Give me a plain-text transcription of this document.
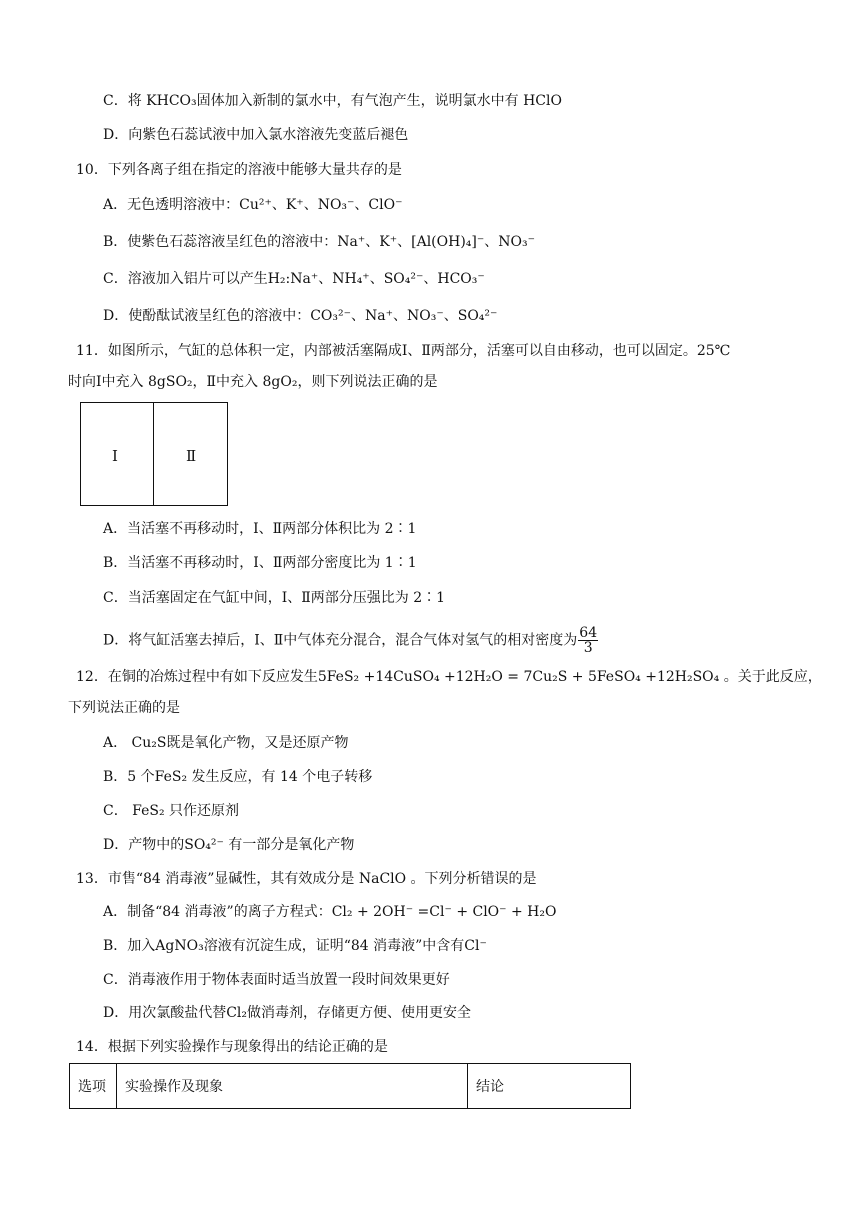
C．将 KHCO₃固体加入新制的氯水中，有气泡产生，说明氯水中有 HClO
D．向紫色石蕊试液中加入氯水溶液先变蓝后褪色
10．下列各离子组在指定的溶液中能够大量共存的是
A．无色透明溶液中：Cu²⁺、K⁺、NO₃⁻、ClO⁻
B．使紫色石蕊溶液呈红色的溶液中：Na⁺、K⁺、[Al(OH)₄]⁻、NO₃⁻
C．溶液加入铝片可以产生H₂:Na⁺、NH₄⁺、SO₄²⁻、HCO₃⁻
D．使酚酞试液呈红色的溶液中：CO₃²⁻、Na⁺、NO₃⁻、SO₄²⁻
11．如图所示，气缸的总体积一定，内部被活塞隔成Ⅰ、Ⅱ两部分，活塞可以自由移动，也可以固定。25℃
时向Ⅰ中充入 8gSO₂，Ⅱ中充入 8gO₂，则下列说法正确的是
Ⅰ	Ⅱ
A．当活塞不再移动时，Ⅰ、Ⅱ两部分体积比为 2∶1
B．当活塞不再移动时，Ⅰ、Ⅱ两部分密度比为 1∶1
C．当活塞固定在气缸中间，Ⅰ、Ⅱ两部分压强比为 2∶1
D．将气缸活塞去掉后，Ⅰ、Ⅱ中气体充分混合，混合气体对氢气的相对密度为 $\frac{64}{3}$
12．在铜的冶炼过程中有如下反应发生5FeS₂ +14CuSO₄ +12H₂O = 7Cu₂S + 5FeSO₄ +12H₂SO₄ 。关于此反应，
下列说法正确的是
A． Cu₂S既是氧化产物，又是还原产物
B．5 个FeS₂ 发生反应，有 14 个电子转移
C． FeS₂ 只作还原剂
D．产物中的SO₄²⁻ 有一部分是氧化产物
13．市售“84 消毒液”显碱性，其有效成分是 NaClO 。下列分析错误的是
A．制备“84 消毒液”的离子方程式：Cl₂ + 2OH⁻ =Cl⁻ + ClO⁻ + H₂O
B．加入AgNO₃溶液有沉淀生成，证明“84 消毒液”中含有Cl⁻
C．消毒液作用于物体表面时适当放置一段时间效果更好
D．用次氯酸盐代替Cl₂做消毒剂，存储更方便、使用更安全
14．根据下列实验操作与现象得出的结论正确的是
选项	实验操作及现象	结论
